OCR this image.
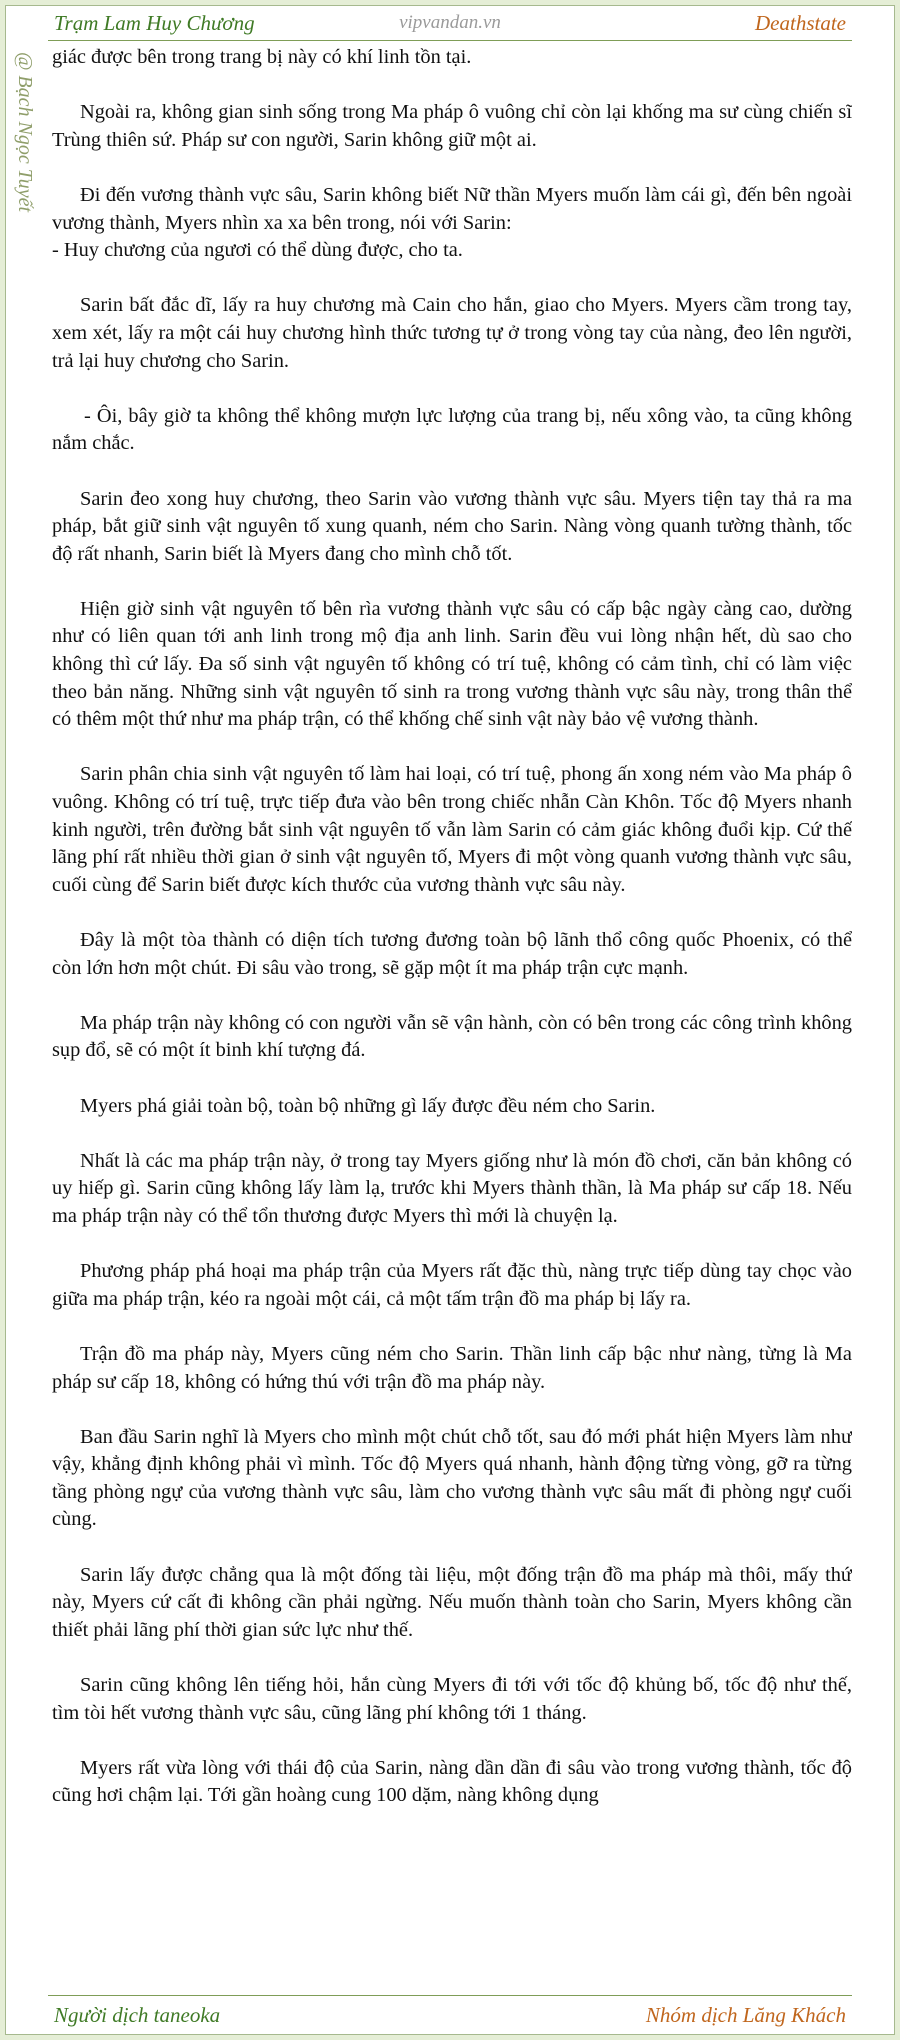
Trạm Lam Huy Chương	vipvandan.vn	Deathstate
@ Bạch Ngọc Tuyết giác được bên trong trang bị này có khí linh tồn tại.

Ngoài ra, không gian sinh sống trong Ma pháp ô vuông chỉ còn lại khống ma sư cùng chiến sĩ Trùng thiên sứ. Pháp sư con người, Sarin không giữ một ai.

Đi đến vương thành vực sâu, Sarin không biết Nữ thần Myers muốn làm cái gì, đến bên ngoài vương thành, Myers nhìn xa xa bên trong, nói với Sarin:
- Huy chương của ngươi có thể dùng được, cho ta.

Sarin bất đắc dĩ, lấy ra huy chương mà Cain cho hắn, giao cho Myers. Myers cầm trong tay, xem xét, lấy ra một cái huy chương hình thức tương tự ở trong vòng tay của nàng, đeo lên người, trả lại huy chương cho Sarin.

- Ôi, bây giờ ta không thể không mượn lực lượng của trang bị, nếu xông vào, ta cũng không nắm chắc.

Sarin đeo xong huy chương, theo Sarin vào vương thành vực sâu. Myers tiện tay thả ra ma pháp, bắt giữ sinh vật nguyên tố xung quanh, ném cho Sarin. Nàng vòng quanh tường thành, tốc độ rất nhanh, Sarin biết là Myers đang cho mình chỗ tốt.

Hiện giờ sinh vật nguyên tố bên rìa vương thành vực sâu có cấp bậc ngày càng cao, dường như có liên quan tới anh linh trong mộ địa anh linh. Sarin đều vui lòng nhận hết, dù sao cho không thì cứ lấy. Đa số sinh vật nguyên tố không có trí tuệ, không có cảm tình, chỉ có làm việc theo bản năng. Những sinh vật nguyên tố sinh ra trong vương thành vực sâu này, trong thân thể có thêm một thứ như ma pháp trận, có thể khống chế sinh vật này bảo vệ vương thành.

Sarin phân chia sinh vật nguyên tố làm hai loại, có trí tuệ, phong ấn xong ném vào Ma pháp ô vuông. Không có trí tuệ, trực tiếp đưa vào bên trong chiếc nhẫn Càn Khôn. Tốc độ Myers nhanh kinh người, trên đường bắt sinh vật nguyên tố vẫn làm Sarin có cảm giác không đuổi kịp. Cứ thế lãng phí rất nhiều thời gian ở sinh vật nguyên tố, Myers đi một vòng quanh vương thành vực sâu, cuối cùng để Sarin biết được kích thước của vương thành vực sâu này.

Đây là một tòa thành có diện tích tương đương toàn bộ lãnh thổ công quốc Phoenix, có thể còn lớn hơn một chút. Đi sâu vào trong, sẽ gặp một ít ma pháp trận cực mạnh.

Ma pháp trận này không có con người vẫn sẽ vận hành, còn có bên trong các công trình không sụp đổ, sẽ có một ít binh khí tượng đá.

Myers phá giải toàn bộ, toàn bộ những gì lấy được đều ném cho Sarin.

Nhất là các ma pháp trận này, ở trong tay Myers giống như là món đồ chơi, căn bản không có uy hiếp gì. Sarin cũng không lấy làm lạ, trước khi Myers thành thần, là Ma pháp sư cấp 18. Nếu ma pháp trận này có thể tổn thương được Myers thì mới là chuyện lạ.

Phương pháp phá hoại ma pháp trận của Myers rất đặc thù, nàng trực tiếp dùng tay chọc vào giữa ma pháp trận, kéo ra ngoài một cái, cả một tấm trận đồ ma pháp bị lấy ra.

Trận đồ ma pháp này, Myers cũng ném cho Sarin. Thần linh cấp bậc như nàng, từng là Ma pháp sư cấp 18, không có hứng thú với trận đồ ma pháp này.

Ban đầu Sarin nghĩ là Myers cho mình một chút chỗ tốt, sau đó mới phát hiện Myers làm như vậy, khẳng định không phải vì mình. Tốc độ Myers quá nhanh, hành động từng vòng, gỡ ra từng tầng phòng ngự của vương thành vực sâu, làm cho vương thành vực sâu mất đi phòng ngự cuối cùng.

Sarin lấy được chẳng qua là một đống tài liệu, một đống trận đồ ma pháp mà thôi, mấy thứ này, Myers cứ cất đi không cần phải ngừng. Nếu muốn thành toàn cho Sarin, Myers không cần thiết phải lãng phí thời gian sức lực như thế.

Sarin cũng không lên tiếng hỏi, hắn cùng Myers đi tới với tốc độ khủng bố, tốc độ như thế, tìm tòi hết vương thành vực sâu, cũng lãng phí không tới 1 tháng.

Myers rất vừa lòng với thái độ của Sarin, nàng dần dần đi sâu vào trong vương thành, tốc độ cũng hơi chậm lại. Tới gần hoàng cung 100 dặm, nàng không dụng

Người dịch taneoka	Nhóm dịch Lăng Khách
